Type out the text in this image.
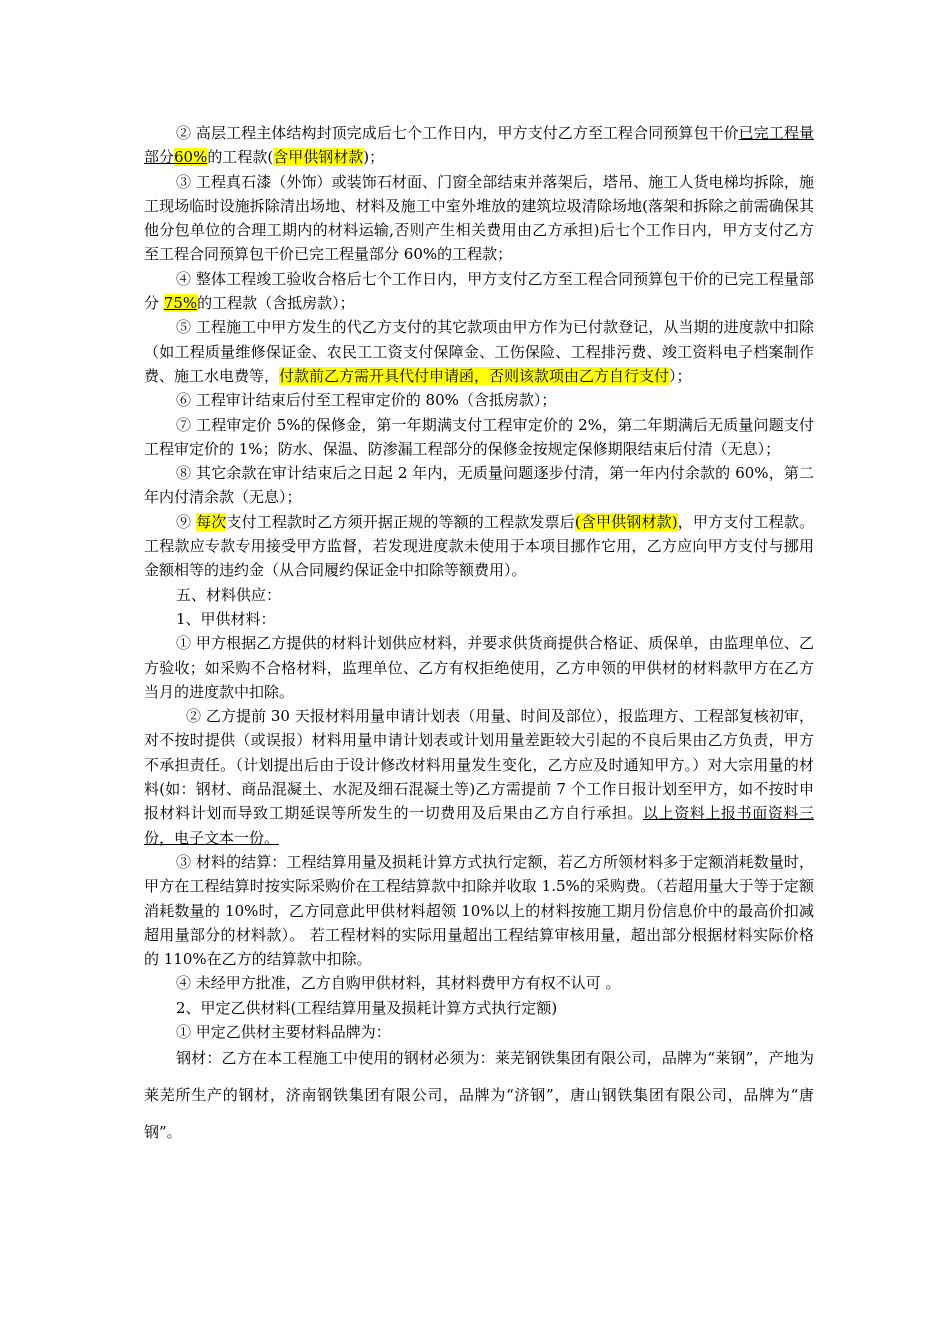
② 高层工程主体结构封顶完成后七个工作日内，甲方支付乙方至工程合同预算包干价已完工程量部分60%的工程款(含甲供钢材款)；

③ 工程真石漆（外饰）或装饰石材面、门窗全部结束并落架后，塔吊、施工人货电梯均拆除，施工现场临时设施拆除清出场地、材料及施工中室外堆放的建筑垃圾清除场地(落架和拆除之前需确保其他分包单位的合理工期内的材料运输,否则产生相关费用由乙方承担)后七个工作日内，甲方支付乙方至工程合同预算包干价已完工程量部分 60%的工程款；

④ 整体工程竣工验收合格后七个工作日内，甲方支付乙方至工程合同预算包干价的已完工程量部分 75%的工程款（含抵房款）；

⑤ 工程施工中甲方发生的代乙方支付的其它款项由甲方作为已付款登记，从当期的进度款中扣除（如工程质量维修保证金、农民工工资支付保障金、工伤保险、工程排污费、竣工资料电子档案制作费、施工水电费等，付款前乙方需开具代付申请函，否则该款项由乙方自行支付）；

⑥ 工程审计结束后付至工程审定价的 80%（含抵房款）；

⑦ 工程审定价 5%的保修金，第一年期满支付工程审定价的 2%，第二年期满后无质量问题支付工程审定价的 1%；防水、保温、防渗漏工程部分的保修金按规定保修期限结束后付清（无息）；

⑧ 其它余款在审计结束后之日起 2 年内，无质量问题逐步付清，第一年内付余款的 60%，第二年内付清余款（无息）；

⑨ 每次支付工程款时乙方须开据正规的等额的工程款发票后(含甲供钢材款)，甲方支付工程款。工程款应专款专用接受甲方监督，若发现进度款未使用于本项目挪作它用，乙方应向甲方支付与挪用金额相等的违约金（从合同履约保证金中扣除等额费用）。

五、材料供应：

1、甲供材料：

① 甲方根据乙方提供的材料计划供应材料，并要求供货商提供合格证、质保单，由监理单位、乙方验收；如采购不合格材料，监理单位、乙方有权拒绝使用，乙方申领的甲供材的材料款甲方在乙方当月的进度款中扣除。

② 乙方提前 30 天报材料用量申请计划表（用量、时间及部位），报监理方、工程部复核初审，对不按时提供（或误报）材料用量申请计划表或计划用量差距较大引起的不良后果由乙方负责，甲方不承担责任。（计划提出后由于设计修改材料用量发生变化，乙方应及时通知甲方。）对大宗用量的材料(如：钢材、商品混凝土、水泥及细石混凝土等)乙方需提前 7 个工作日报计划至甲方，如不按时申报材料计划而导致工期延误等所发生的一切费用及后果由乙方自行承担。以上资料上报书面资料三份，电子文本一份。

③ 材料的结算：工程结算用量及损耗计算方式执行定额，若乙方所领材料多于定额消耗数量时，甲方在工程结算时按实际采购价在工程结算款中扣除并收取 1.5%的采购费。（若超用量大于等于定额消耗数量的 10%时，乙方同意此甲供材料超领 10%以上的材料按施工期月份信息价中的最高价扣减超用量部分的材料款）。 若工程材料的实际用量超出工程结算审核用量，超出部分根据材料实际价格的 110%在乙方的结算款中扣除。

④ 未经甲方批准，乙方自购甲供材料，其材料费甲方有权不认可 。

2、甲定乙供材料(工程结算用量及损耗计算方式执行定额)

① 甲定乙供材主要材料品牌为：

钢材：乙方在本工程施工中使用的钢材必须为：莱芜钢铁集团有限公司，品牌为“莱钢”，产地为莱芜所生产的钢材，济南钢铁集团有限公司，品牌为“济钢”，唐山钢铁集团有限公司，品牌为“唐钢”。
